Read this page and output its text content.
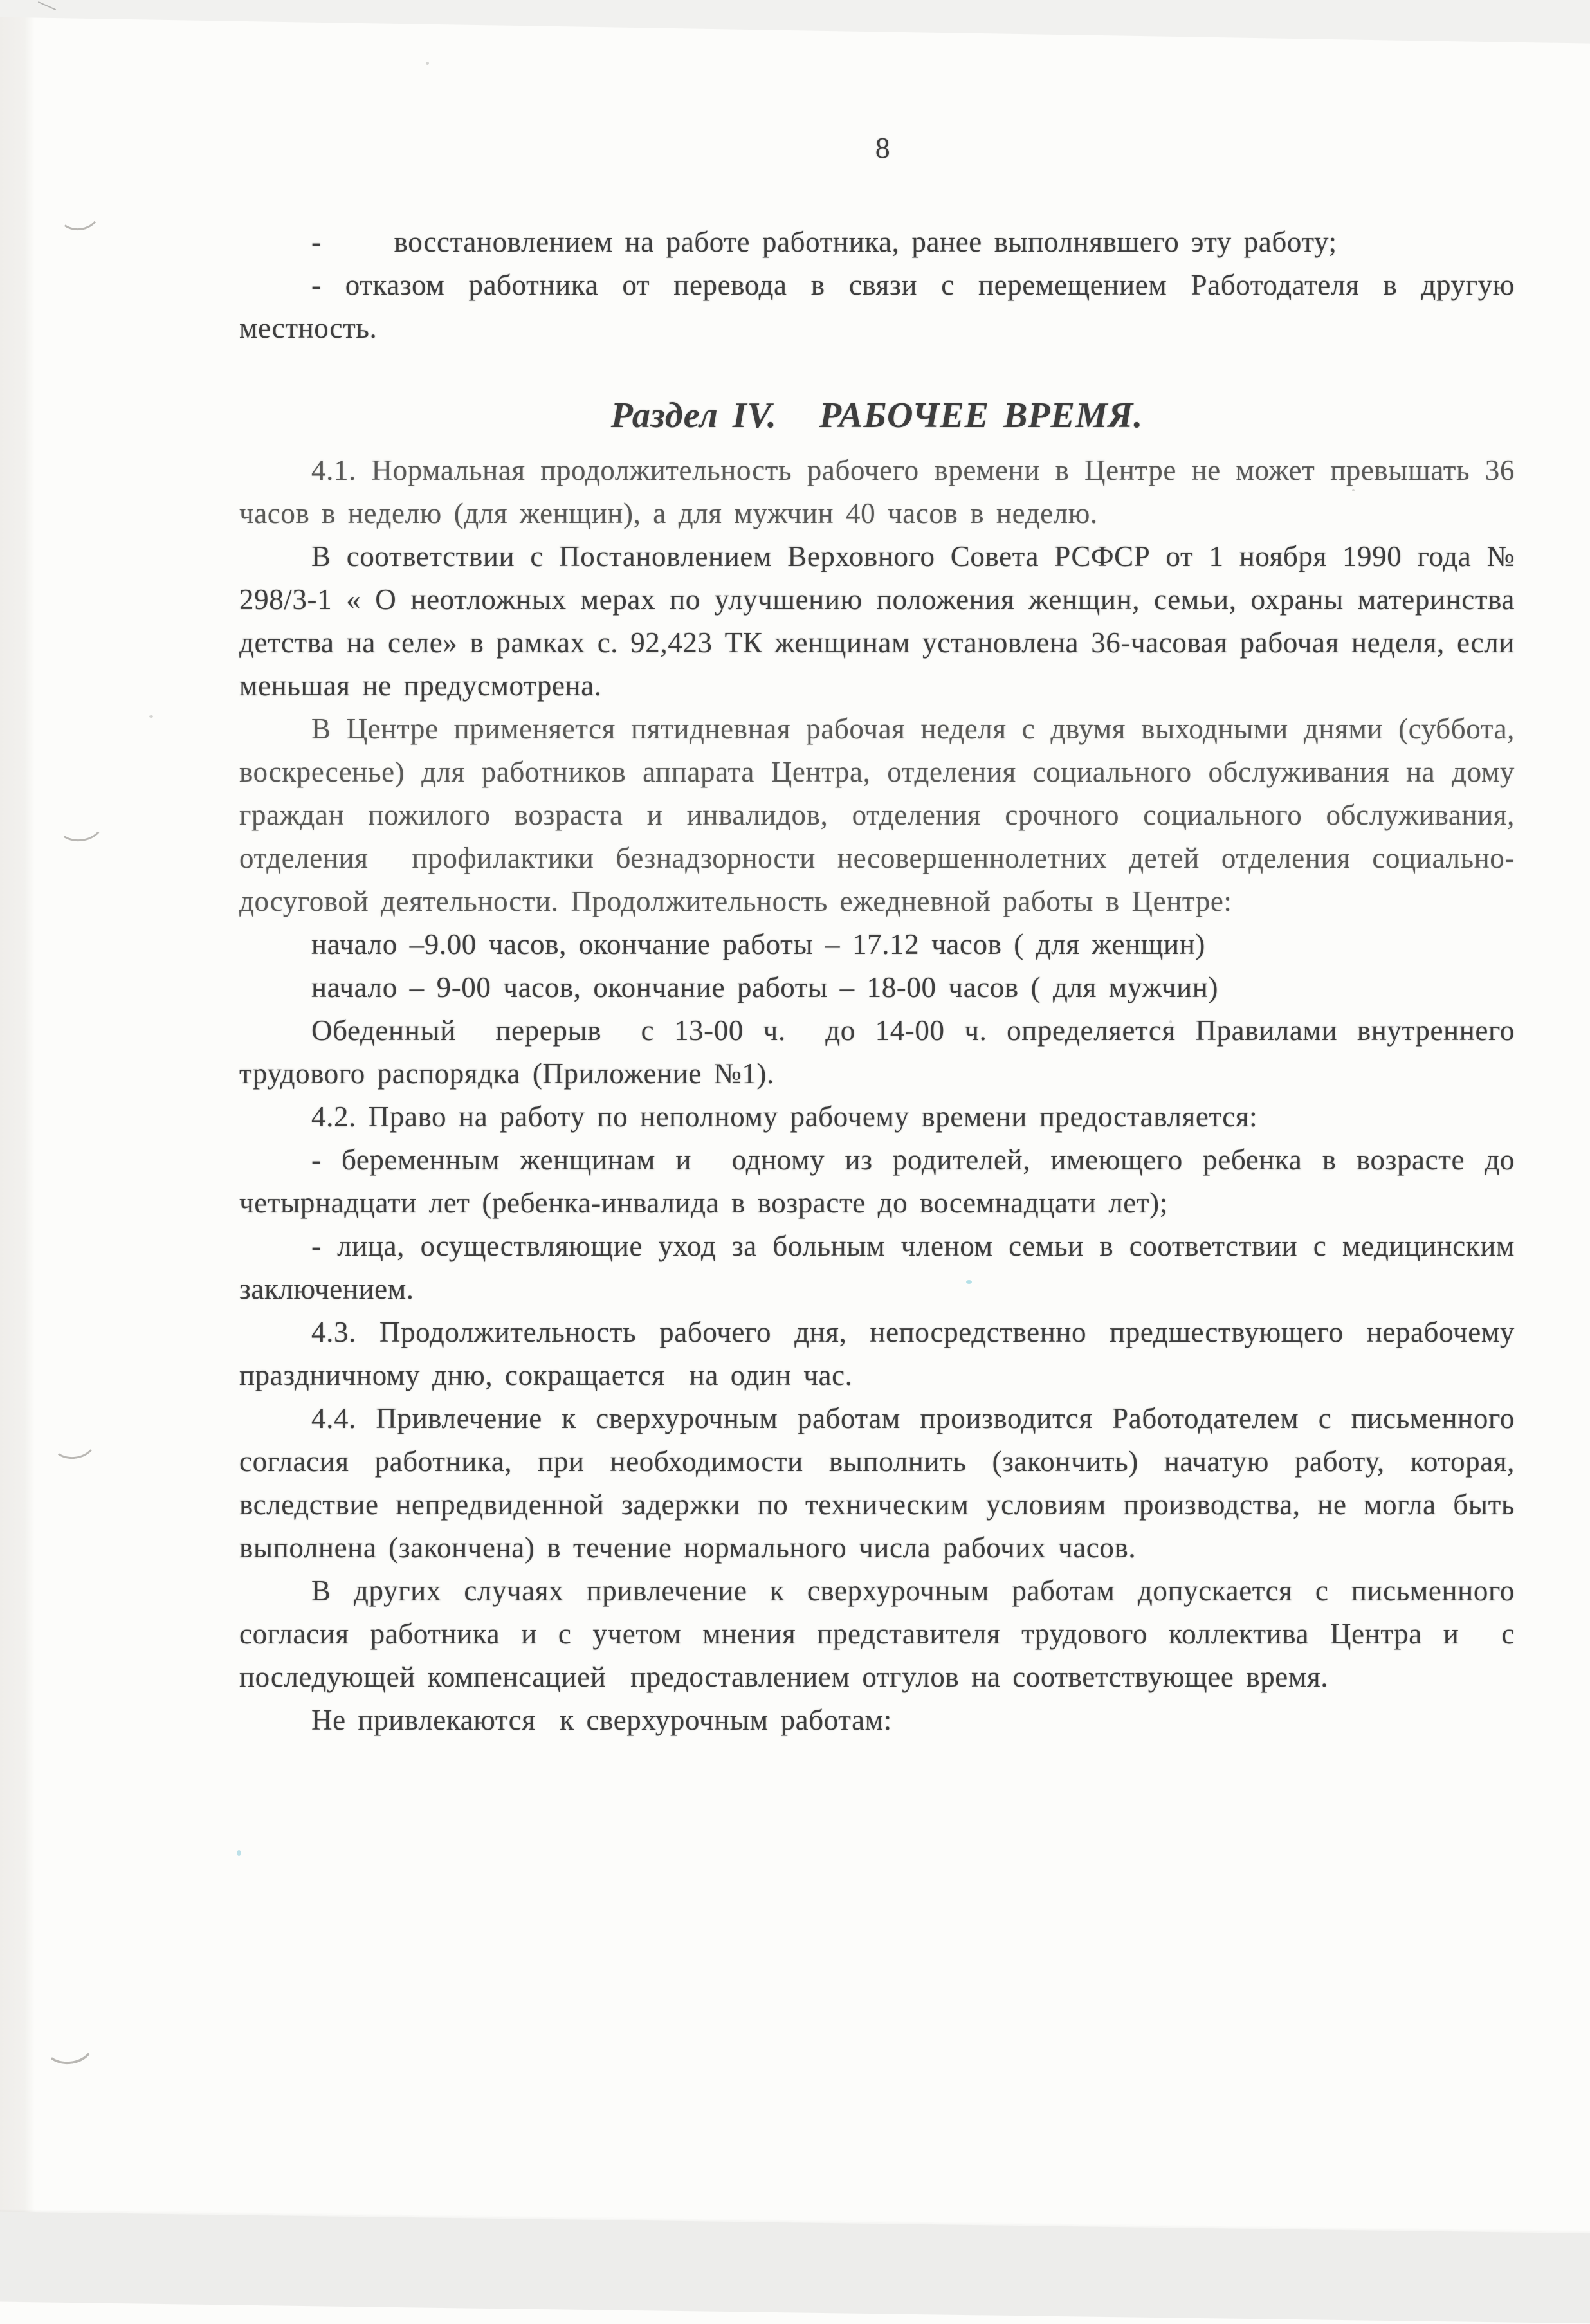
8

-      восстановлением на работе работника, ранее выполнявшего эту работу;

- отказом работника от перевода в связи с перемещением Работодателя в другую местность.

Раздел IV.   РАБОЧЕЕ ВРЕМЯ.

4.1. Нормальная продолжительность рабочего времени в Центре не может превышать 36 часов в неделю (для женщин), а для мужчин 40 часов в неделю.

В соответствии с Постановлением Верховного Совета РСФСР от 1 ноября 1990 года № 298/3-1 « О неотложных мерах по улучшению положения женщин, семьи, охраны материнства детства на селе» в рамках с. 92,423 ТК женщинам установлена 36-часовая рабочая неделя, если меньшая не предусмотрена.

В Центре применяется пятидневная рабочая неделя с двумя выходными днями (суббота, воскресенье) для работников аппарата Центра, отделения социального обслуживания на дому граждан пожилого возраста и инвалидов, отделения срочного социального обслуживания, отделения  профилактики безнадзорности несовершеннолетних детей отделения социально-досуговой деятельности. Продолжительность ежедневной работы в Центре:

начало –9.00 часов, окончание работы – 17.12 часов ( для женщин)

начало – 9-00 часов, окончание работы – 18-00 часов ( для мужчин)

Обеденный  перерыв  с 13-00 ч.  до 14-00 ч. определяется Правилами внутреннего трудового распорядка (Приложение №1).

4.2. Право на работу по неполному рабочему времени предоставляется:

- беременным женщинам и  одному из родителей, имеющего ребенка в возрасте до четырнадцати лет (ребенка-инвалида в возрасте до восемнадцати лет);

- лица, осуществляющие уход за больным членом семьи в соответствии с медицинским заключением.

4.3. Продолжительность рабочего дня, непосредственно предшествующего нерабочему праздничному дню, сокращается  на один час.

4.4. Привлечение к сверхурочным работам производится Работодателем с письменного согласия работника, при необходимости выполнить (закончить) начатую работу, которая, вследствие непредвиденной задержки по техническим условиям производства, не могла быть выполнена (закончена) в течение нормального числа рабочих часов.

В других случаях привлечение к сверхурочным работам допускается с письменного согласия работника и с учетом мнения представителя трудового коллектива Центра и  с последующей компенсацией  предоставлением отгулов на соответствующее время.

Не привлекаются  к сверхурочным работам:
